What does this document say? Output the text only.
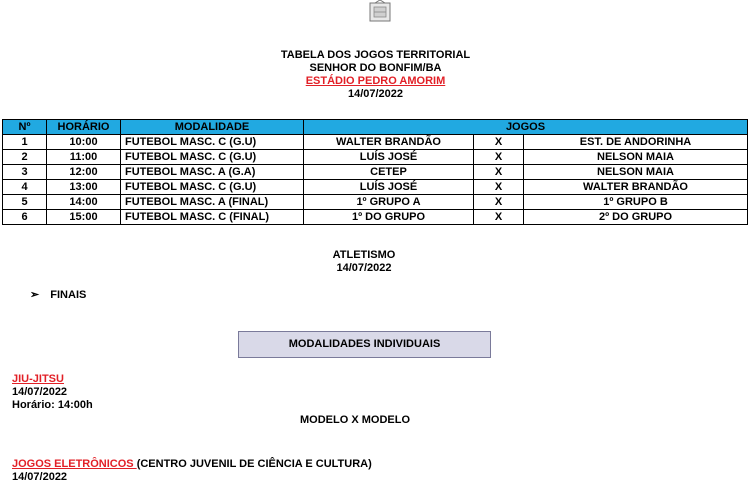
TABELA DOS JOGOS TERRITORIAL
SENHOR DO BONFIM/BA
ESTÁDIO PEDRO AMORIM
14/07/2022
Nº	HORÁRIO	MODALIDADE	JOGOS		
1	10:00	FUTEBOL MASC. C (G.U)	WALTER BRANDÃO	X	EST. DE ANDORINHA
2	11:00	FUTEBOL MASC. C (G.U)	LUÍS JOSÉ	X	NELSON MAIA
3	12:00	FUTEBOL MASC. A (G.A)	CETEP	X	NELSON MAIA
4	13:00	FUTEBOL MASC. C (G.U)	LUÍS JOSÉ	X	WALTER BRANDÃO
5	14:00	FUTEBOL MASC. A (FINAL)	1º GRUPO A	X	1º GRUPO B
6	15:00	FUTEBOL MASC. C (FINAL)	1º DO GRUPO	X	2º DO GRUPO
ATLETISMO
14/07/2022
➢ FINAIS
MODALIDADES INDIVIDUAIS
JIU-JITSU
14/07/2022
Horário: 14:00h
MODELO X MODELO
JOGOS ELETRÔNICOS (CENTRO JUVENIL DE CIÊNCIA E CULTURA)
14/07/2022
